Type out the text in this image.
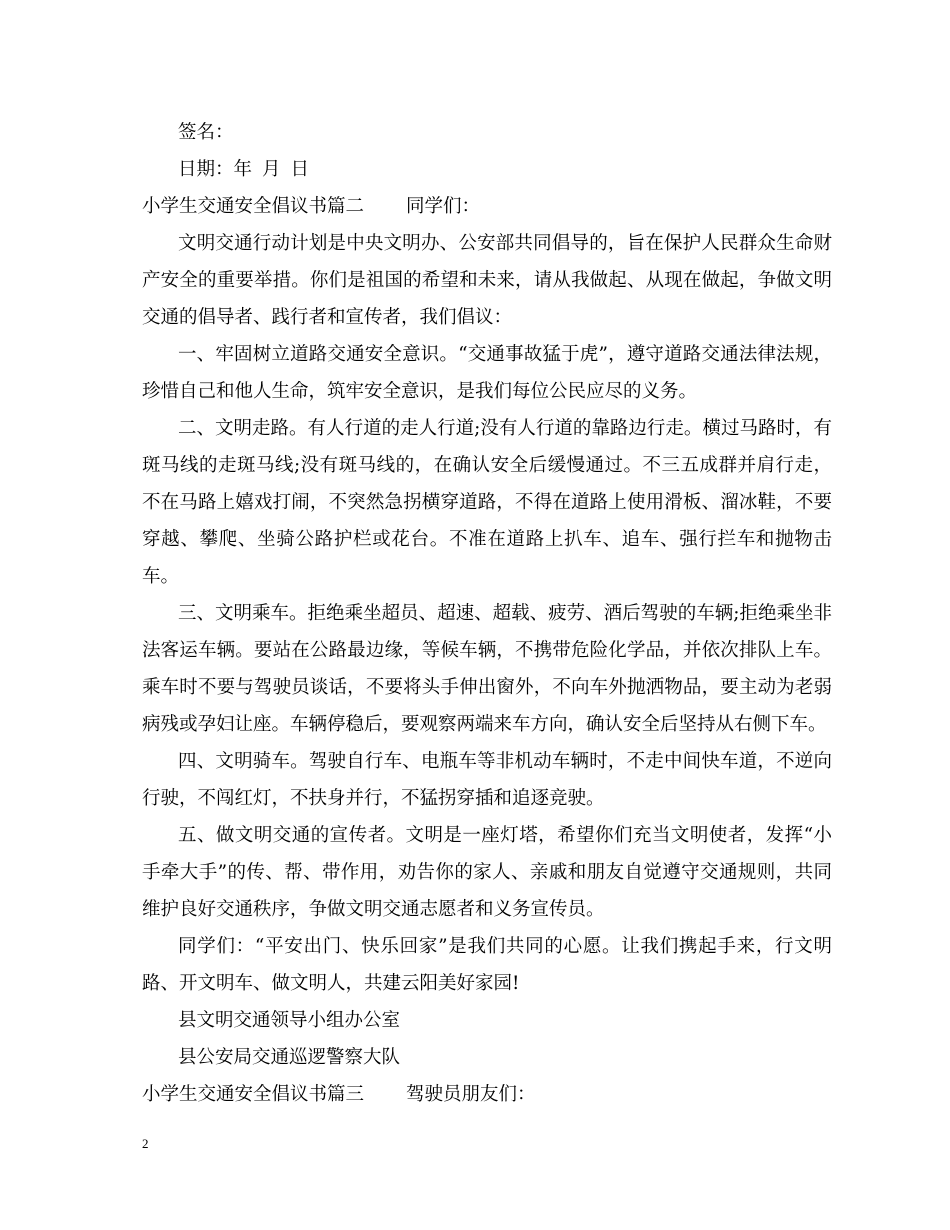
签名：
日期：年 月 日
小学生交通安全倡议书篇二 同学们：

文明交通行动计划是中央文明办、公安部共同倡导的，旨在保护人民群众生命财产安全的重要举措。你们是祖国的希望和未来，请从我做起、从现在做起，争做文明交通的倡导者、践行者和宣传者，我们倡议：

一、牢固树立道路交通安全意识。“交通事故猛于虎”，遵守道路交通法律法规，珍惜自己和他人生命，筑牢安全意识，是我们每位公民应尽的义务。

二、文明走路。有人行道的走人行道;没有人行道的靠路边行走。横过马路时，有斑马线的走斑马线;没有斑马线的，在确认安全后缓慢通过。不三五成群并肩行走，不在马路上嬉戏打闹，不突然急拐横穿道路，不得在道路上使用滑板、溜冰鞋，不要穿越、攀爬、坐骑公路护栏或花台。不准在道路上扒车、追车、强行拦车和抛物击车。

三、文明乘车。拒绝乘坐超员、超速、超载、疲劳、酒后驾驶的车辆;拒绝乘坐非法客运车辆。要站在公路最边缘，等候车辆，不携带危险化学品，并依次排队上车。乘车时不要与驾驶员谈话，不要将头手伸出窗外，不向车外抛洒物品，要主动为老弱病残或孕妇让座。车辆停稳后，要观察两端来车方向，确认安全后坚持从右侧下车。

四、文明骑车。驾驶自行车、电瓶车等非机动车辆时，不走中间快车道，不逆向行驶，不闯红灯，不扶身并行，不猛拐穿插和追逐竞驶。

五、做文明交通的宣传者。文明是一座灯塔，希望你们充当文明使者，发挥“小手牵大手”的传、帮、带作用，劝告你的家人、亲戚和朋友自觉遵守交通规则，共同维护良好交通秩序，争做文明交通志愿者和义务宣传员。

同学们：“平安出门、快乐回家”是我们共同的心愿。让我们携起手来，行文明路、开文明车、做文明人，共建云阳美好家园!

县文明交通领导小组办公室
县公安局交通巡逻警察大队
小学生交通安全倡议书篇三 驾驶员朋友们：
2
